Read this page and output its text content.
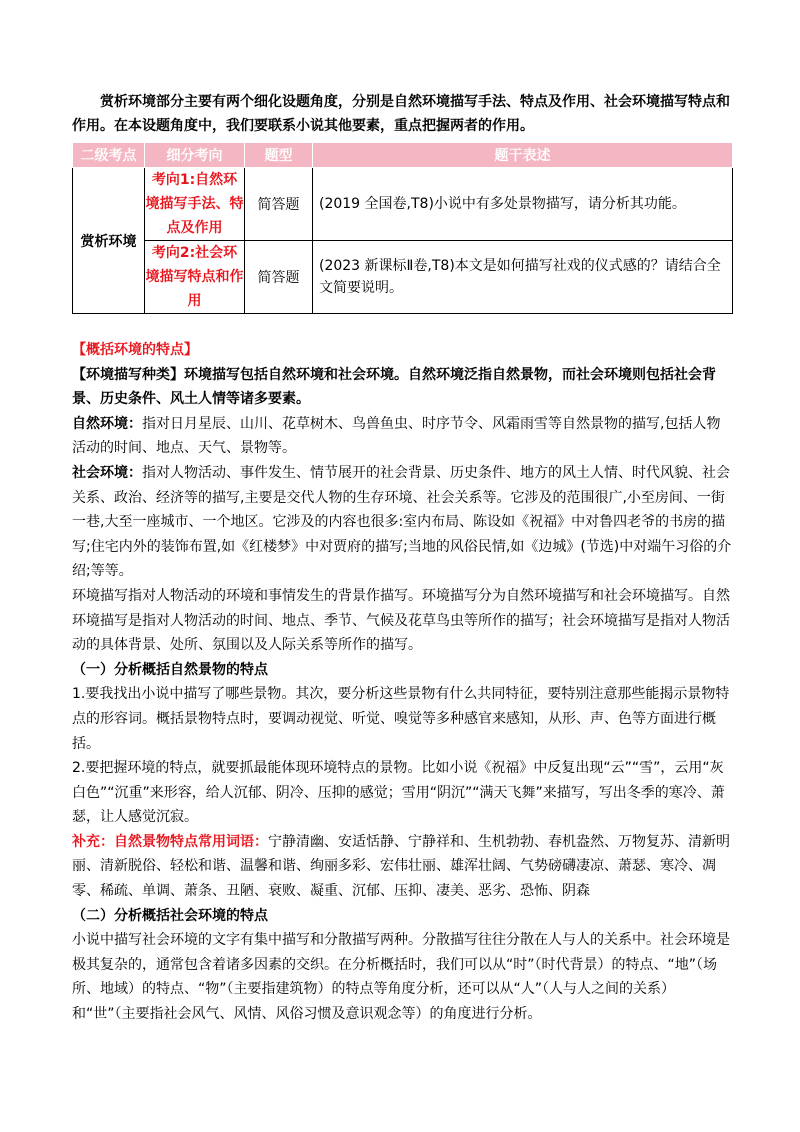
赏析环境部分主要有两个细化设题角度，分别是自然环境描写手法、特点及作用、社会环境描写特点和作用。在本设题角度中，我们要联系小说其他要素，重点把握两者的作用。

二级考点	细分考向	题型	题干表述
赏析环境	考向1:自然环境描写手法、特点及作用	简答题	(2019 全国卷,T8)小说中有多处景物描写，请分析其功能。
	考向2:社会环境描写特点和作用	简答题	(2023 新课标Ⅱ卷,T8)本文是如何描写社戏的仪式感的？请结合全文简要说明。

【概括环境的特点】

【环境描写种类】环境描写包括自然环境和社会环境。自然环境泛指自然景物，而社会环境则包括社会背景、历史条件、风土人情等诸多要素。

自然环境：指对日月星辰、山川、花草树木、鸟兽鱼虫、时序节令、风霜雨雪等自然景物的描写,包括人物活动的时间、地点、天气、景物等。

社会环境：指对人物活动、事件发生、情节展开的社会背景、历史条件、地方的风土人情、时代风貌、社会关系、政治、经济等的描写,主要是交代人物的生存环境、社会关系等。它涉及的范围很广,小至房间、一街一巷,大至一座城市、一个地区。它涉及的内容也很多:室内布局、陈设如《祝福》中对鲁四老爷的书房的描写;住宅内外的装饰布置,如《红楼梦》中对贾府的描写;当地的风俗民情,如《边城》(节选)中对端午习俗的介绍;等等。

环境描写指对人物活动的环境和事情发生的背景作描写。环境描写分为自然环境描写和社会环境描写。自然环境描写是指对人物活动的时间、地点、季节、气候及花草鸟虫等所作的描写；社会环境描写是指对人物活动的具体背景、处所、氛围以及人际关系等所作的描写。

（一）分析概括自然景物的特点

1.要我找出小说中描写了哪些景物。其次，要分析这些景物有什么共同特征，要特别注意那些能揭示景物特点的形容词。概括景物特点时，要调动视觉、听觉、嗅觉等多种感官来感知，从形、声、色等方面进行概括。

2.要把握环境的特点，就要抓最能体现环境特点的景物。比如小说《祝福》中反复出现“云”“雪”，云用“灰白色”“沉重”来形容，给人沉郁、阴冷、压抑的感觉；雪用“阴沉”“满天飞舞”来描写，写出冬季的寒冷、萧瑟，让人感觉沉寂。

补充：自然景物特点常用词语：宁静清幽、安适恬静、宁静祥和、生机勃勃、春机盎然、万物复苏、清新明丽、清新脱俗、轻松和谐、温馨和谐、绚丽多彩、宏伟壮丽、雄浑壮阔、气势磅礴凄凉、萧瑟、寒冷、凋零、稀疏、单调、萧条、丑陋、衰败、凝重、沉郁、压抑、凄美、恶劣、恐怖、阴森

（二）分析概括社会环境的特点

小说中描写社会环境的文字有集中描写和分散描写两种。分散描写往往分散在人与人的关系中。社会环境是极其复杂的，通常包含着诸多因素的交织。在分析概括时，我们可以从“时”（时代背景）的特点、“地”（场所、地域）的特点、“物”（主要指建筑物）的特点等角度分析，还可以从“人”（人与人之间的关系）和“世”（主要指社会风气、风情、风俗习惯及意识观念等）的角度进行分析。
